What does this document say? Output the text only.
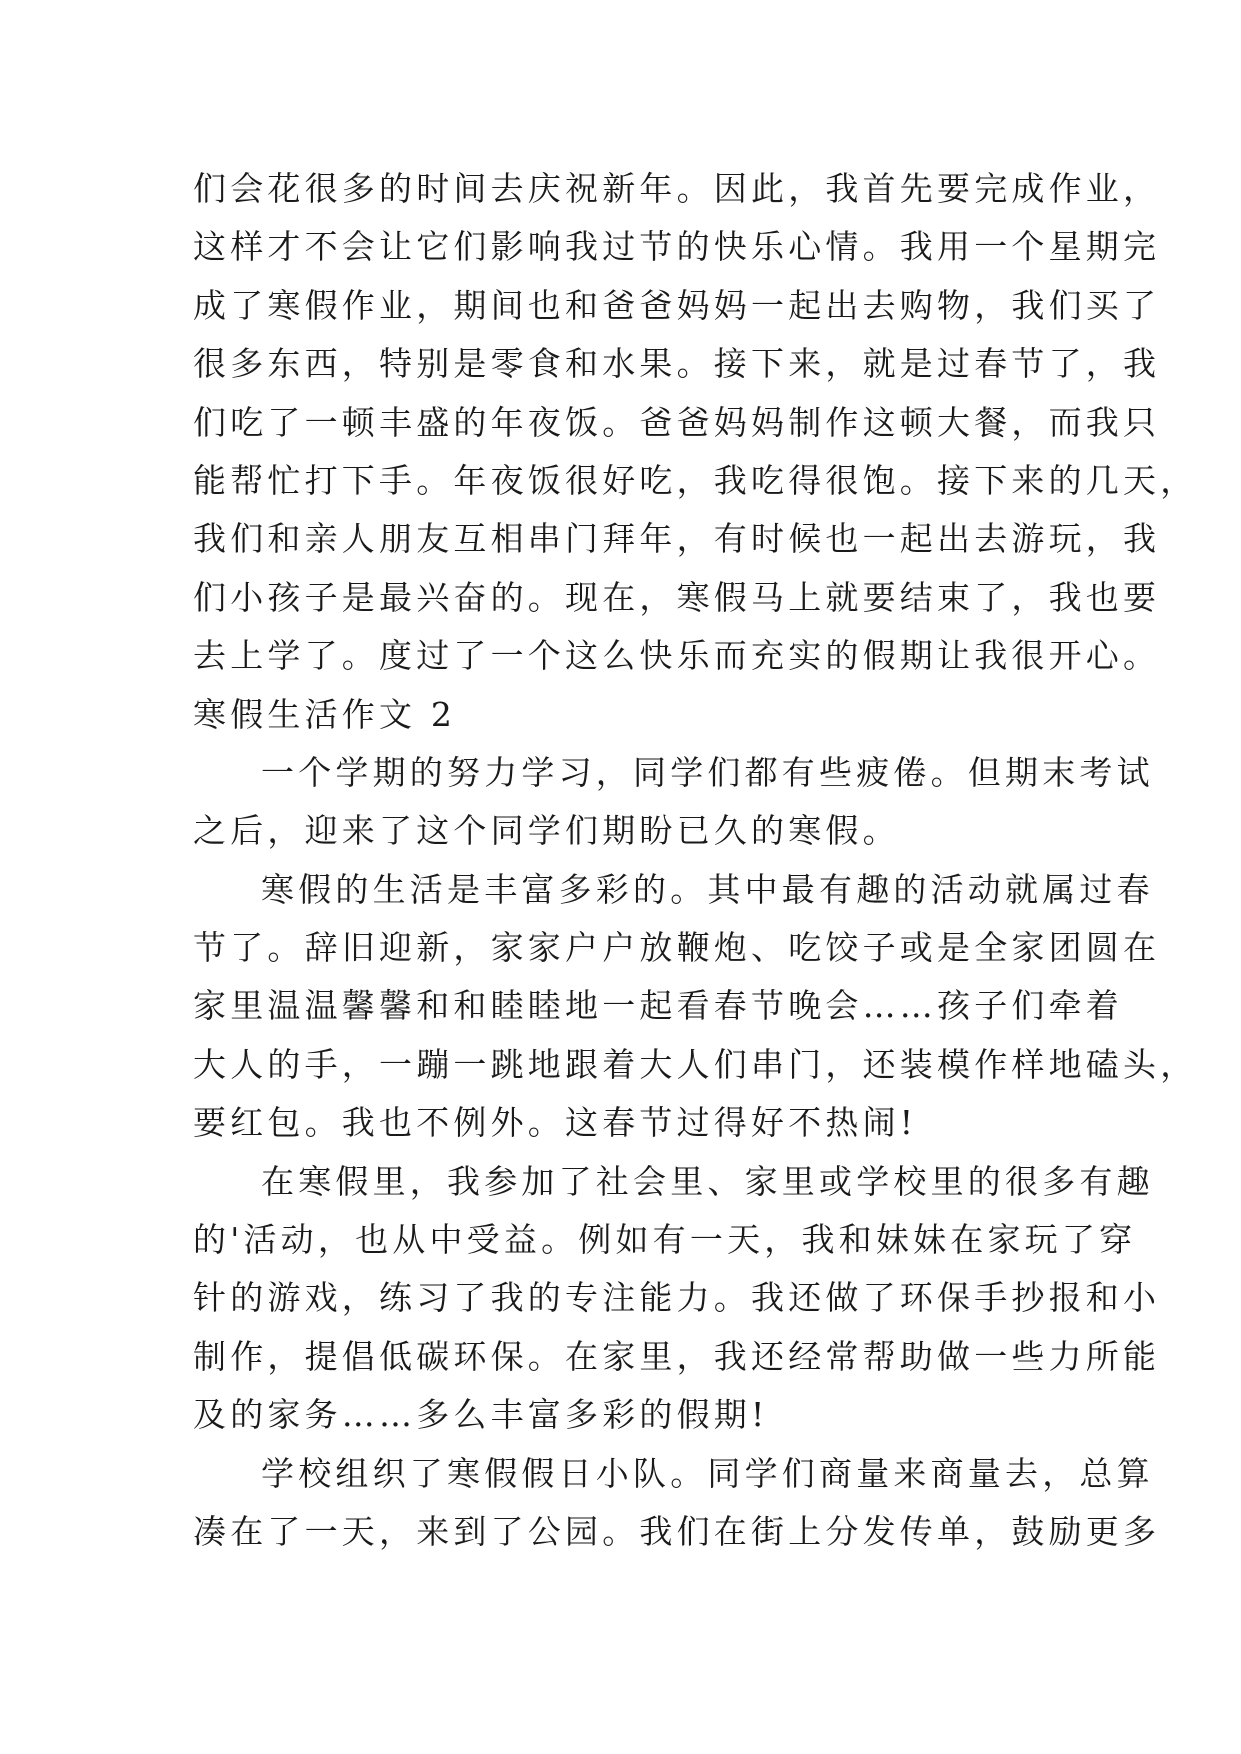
们会花很多的时间去庆祝新年。因此，我首先要完成作业，
这样才不会让它们影响我过节的快乐心情。我用一个星期完
成了寒假作业，期间也和爸爸妈妈一起出去购物，我们买了
很多东西，特别是零食和水果。接下来，就是过春节了，我
们吃了一顿丰盛的年夜饭。爸爸妈妈制作这顿大餐，而我只
能帮忙打下手。年夜饭很好吃，我吃得很饱。接下来的几天，
我们和亲人朋友互相串门拜年，有时候也一起出去游玩，我
们小孩子是最兴奋的。现在，寒假马上就要结束了，我也要
去上学了。度过了一个这么快乐而充实的假期让我很开心。
寒假生活作文 2
一个学期的努力学习，同学们都有些疲倦。但期末考试
之后，迎来了这个同学们期盼已久的寒假。
寒假的生活是丰富多彩的。其中最有趣的活动就属过春
节了。辞旧迎新，家家户户放鞭炮、吃饺子或是全家团圆在
家里温温馨馨和和睦睦地一起看春节晚会……孩子们牵着
大人的手，一蹦一跳地跟着大人们串门，还装模作样地磕头，
要红包。我也不例外。这春节过得好不热闹!
在寒假里，我参加了社会里、家里或学校里的很多有趣
的'活动，也从中受益。例如有一天，我和妹妹在家玩了穿
针的游戏，练习了我的专注能力。我还做了环保手抄报和小
制作，提倡低碳环保。在家里，我还经常帮助做一些力所能
及的家务……多么丰富多彩的假期!
学校组织了寒假假日小队。同学们商量来商量去，总算
凑在了一天，来到了公园。我们在街上分发传单，鼓励更多
